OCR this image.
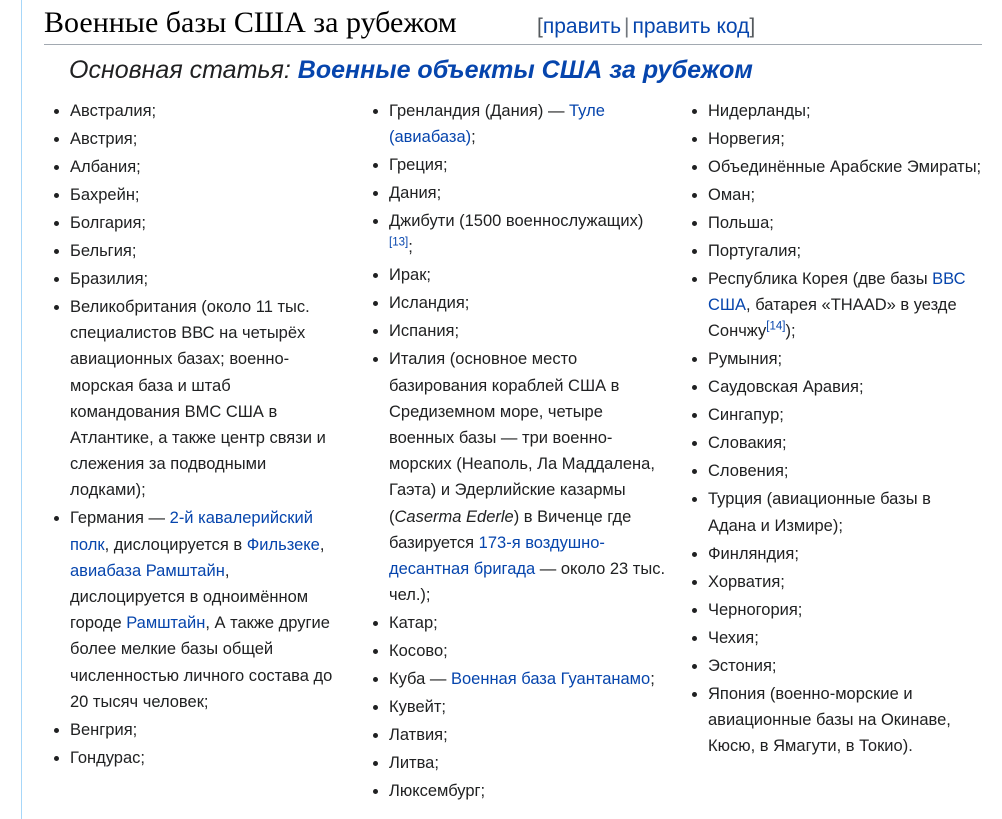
Военные базы США за рубежом	[править | править код]
Основная статья: Военные объекты США за рубежом
Австралия;
Австрия;
Албания;
Бахрейн;
Болгария;
Бельгия;
Бразилия;
Великобритания (около 11 тыс. специалистов ВВС на четырёх авиационных базах; военно-морская база и штаб командования ВМС США в Атлантике, а также центр связи и слежения за подводными лодками);
Германия — 2-й кавалерийский полк, дислоцируется в Фильзеке, авиабаза Рамштайн, дислоцируется в одноимённом городе Рамштайн, А также другие более мелкие базы общей численностью личного состава до 20 тысяч человек;
Венгрия;
Гондурас;
Гренландия (Дания) — Туле (авиабаза);
Греция;
Дания;
Джибути (1500 военнослужащих)[13];
Ирак;
Исландия;
Испания;
Италия (основное место базирования кораблей США в Средиземном море, четыре военных базы — три военно-морских (Неаполь, Ла Маддалена, Гаэта) и Эдерлийские казармы (Caserma Ederle) в Виченце где базируется 173-я воздушно-десантная бригада — около 23 тыс. чел.);
Катар;
Косово;
Куба — Военная база Гуантанамо;
Кувейт;
Латвия;
Литва;
Люксембург;
Нидерланды;
Норвегия;
Объединённые Арабские Эмираты;
Оман;
Польша;
Португалия;
Республика Корея (две базы ВВС США, батарея «THAAD» в уезде Сончжу[14]);
Румыния;
Саудовская Аравия;
Сингапур;
Словакия;
Словения;
Турция (авиационные базы в Адана и Измире);
Финляндия;
Хорватия;
Черногория;
Чехия;
Эстония;
Япония (военно-морские и авиационные базы на Окинаве, Кюсю, в Ямагути, в Токио).
